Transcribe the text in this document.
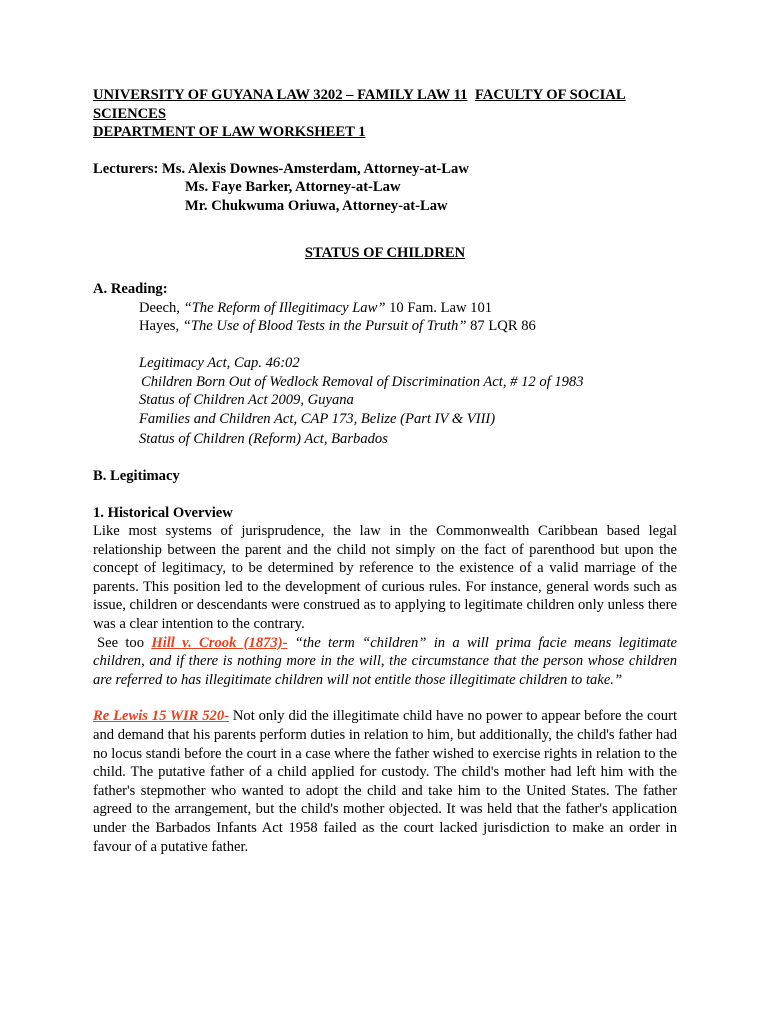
UNIVERSITY OF GUYANA LAW 3202 – FAMILY LAW 11 FACULTY OF SOCIAL SCIENCES
DEPARTMENT OF LAW WORKSHEET 1
Lecturers: Ms. Alexis Downes-Amsterdam, Attorney-at-Law
Ms. Faye Barker, Attorney-at-Law
Mr. Chukwuma Oriuwa, Attorney-at-Law
STATUS OF CHILDREN
A. Reading:
Deech, “The Reform of Illegitimacy Law” 10 Fam. Law 101
Hayes, “The Use of Blood Tests in the Pursuit of Truth” 87 LQR 86
Legitimacy Act, Cap. 46:02
Children Born Out of Wedlock Removal of Discrimination Act, # 12 of 1983
Status of Children Act 2009, Guyana
Families and Children Act, CAP 173, Belize (Part IV & VIII)
Status of Children (Reform) Act, Barbados
B. Legitimacy
1. Historical Overview
Like most systems of jurisprudence, the law in the Commonwealth Caribbean based legal relationship between the parent and the child not simply on the fact of parenthood but upon the concept of legitimacy, to be determined by reference to the existence of a valid marriage of the parents. This position led to the development of curious rules. For instance, general words such as issue, children or descendants were construed as to applying to legitimate children only unless there was a clear intention to the contrary.
See too Hill v. Crook (1873)- “the term “children” in a will prima facie means legitimate children, and if there is nothing more in the will, the circumstance that the person whose children are referred to has illegitimate children will not entitle those illegitimate children to take.”
Re Lewis 15 WIR 520- Not only did the illegitimate child have no power to appear before the court and demand that his parents perform duties in relation to him, but additionally, the child's father had no locus standi before the court in a case where the father wished to exercise rights in relation to the child. The putative father of a child applied for custody. The child's mother had left him with the father's stepmother who wanted to adopt the child and take him to the United States. The father agreed to the arrangement, but the child's mother objected. It was held that the father's application under the Barbados Infants Act 1958 failed as the court lacked jurisdiction to make an order in favour of a putative father.
